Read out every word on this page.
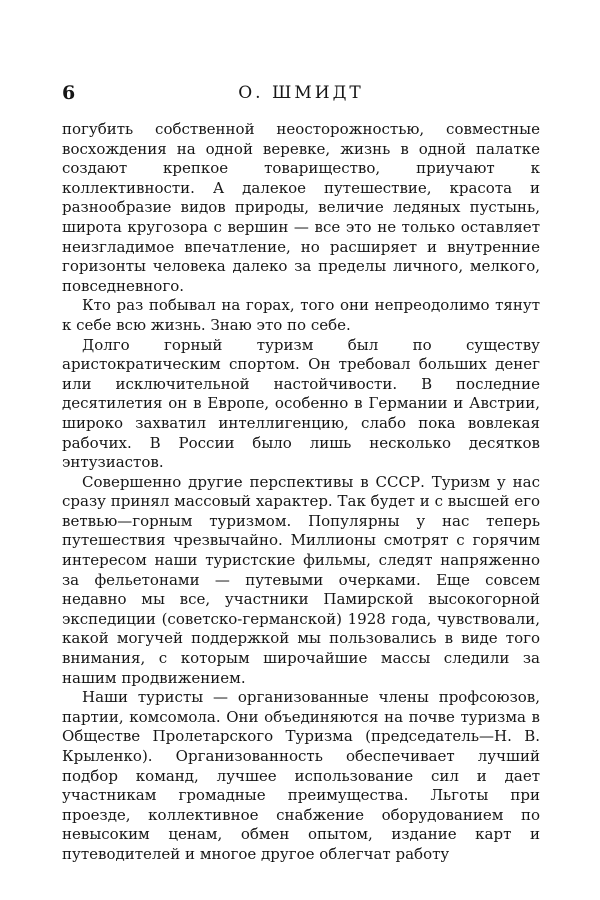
6	О. ШМИДТ

погубить собственной неосторожностью, совместные восхождения на одной веревке, жизнь в одной палатке создают крепкое товарищество, приучают к коллективности. А далекое путешествие, красота и разнообразие видов природы, величие ледяных пустынь, широта кругозора с вершин — все это не только оставляет неизгладимое впечатление, но расширяет и внутренние горизонты человека далеко за пределы личного, мелкого, повседневного.

Кто раз побывал на горах, того они непреодолимо тянут к себе всю жизнь. Знаю это по себе.

Долго горный туризм был по существу аристократическим спортом. Он требовал больших денег или исключительной настойчивости. В последние десятилетия он в Европе, особенно в Германии и Австрии, широко захватил интеллигенцию, слабо пока вовлекая рабочих. В России было лишь несколько десятков энтузиастов.

Совершенно другие перспективы в СССР. Туризм у нас сразу принял массовый характер. Так будет и с высшей его ветвью—горным туризмом. Популярны у нас теперь путешествия чрезвычайно. Миллионы смотрят с горячим интересом наши туристские фильмы, следят напряженно за фельетонами — путевыми очерками. Еще совсем недавно мы все, участники Памирской высокогорной экспедиции (советско-германской) 1928 года, чувствовали, какой могучей поддержкой мы пользовались в виде того внимания, с которым широчайшие массы следили за нашим продвижением.

Наши туристы — организованные члены профсоюзов, партии, комсомола. Они объединяются на почве туризма в Обществе Пролетарского Туризма (председатель—Н. В. Крыленко). Организованность обеспечивает лучший подбор команд, лучшее использование сил и дает участникам громадные преимущества. Льготы при проезде, коллективное снабжение оборудованием по невысоким ценам, обмен опытом, издание карт и путеводителей и многое другое облегчат работу
